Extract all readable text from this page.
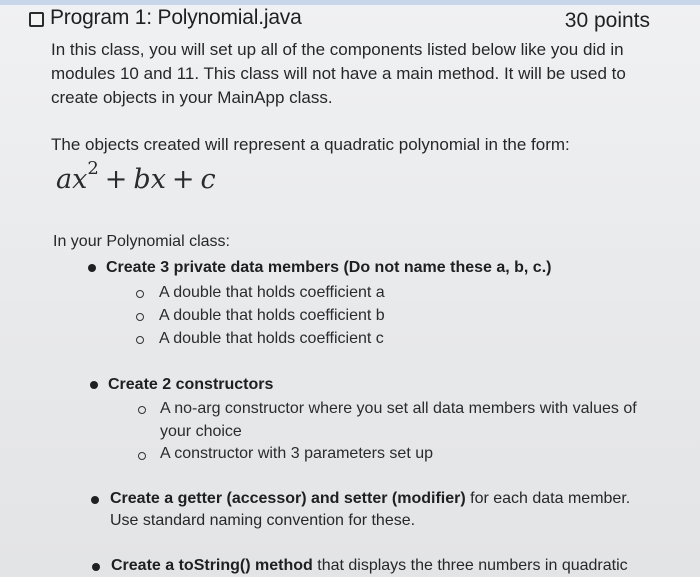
Program 1: Polynomial.java	30 points
In this class, you will set up all of the components listed below like you did in
modules 10 and 11. This class will not have a main method. It will be used to
create objects in your MainApp class.
The objects created will represent a quadratic polynomial in the form:
$ax^2$ + bx + c
In your Polynomial class:
Create 3 private data members (Do not name these a, b, c.)
A double that holds coefficient a
A double that holds coefficient b
A double that holds coefficient c
Create 2 constructors
A no-arg constructor where you set all data members with values of
your choice
A constructor with 3 parameters set up
Create a getter (accessor) and setter (modifier) for each data member.
Use standard naming convention for these.
Create a toString() method that displays the three numbers in quadratic
